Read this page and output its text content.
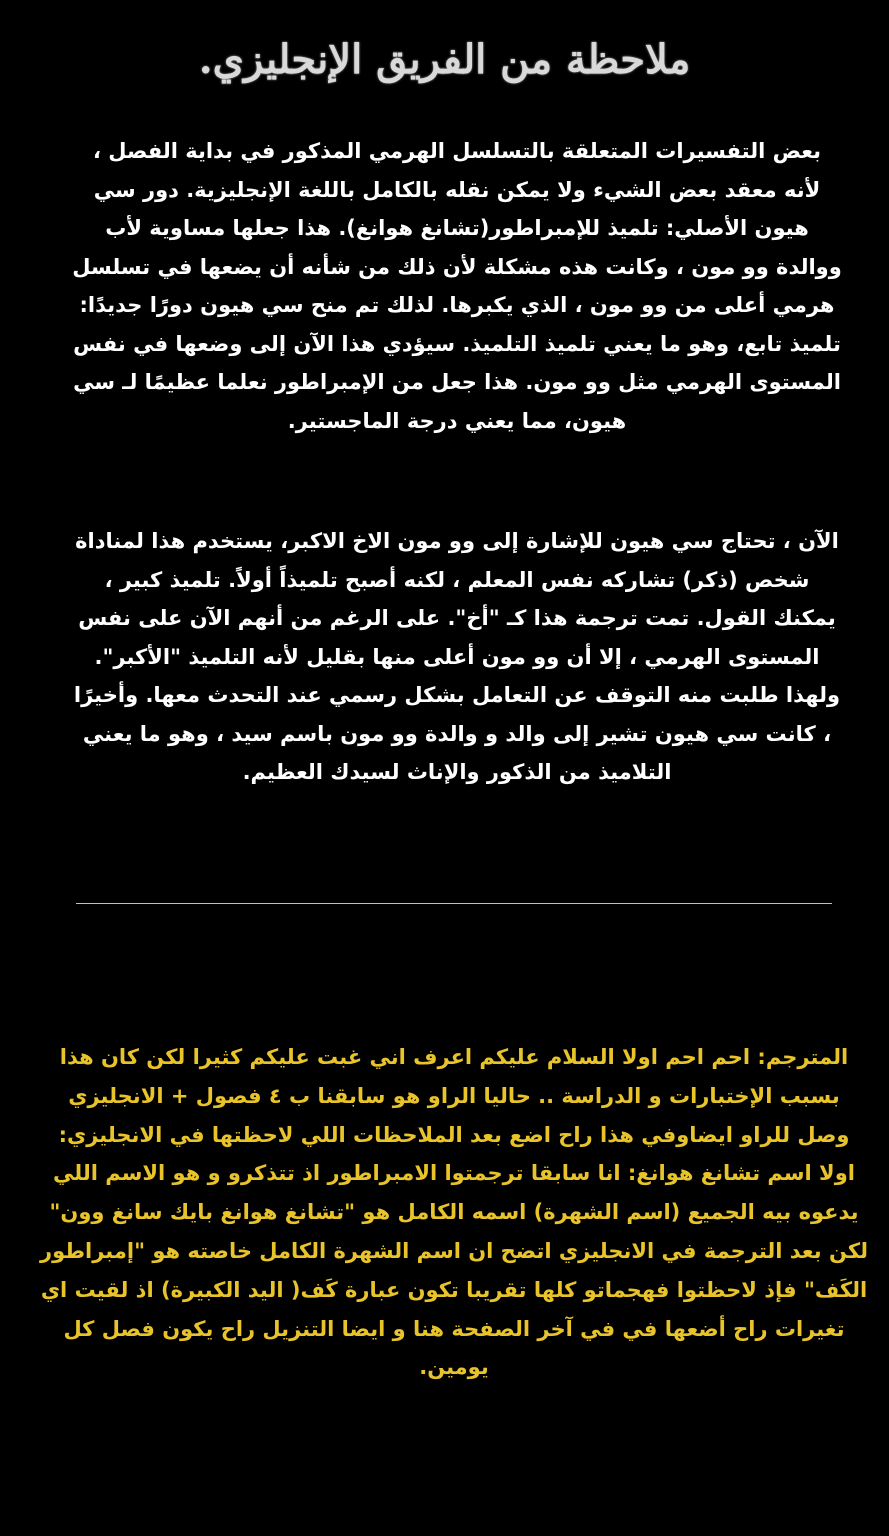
ملاحظة من الفريق الإنجليزي.
بعض التفسيرات المتعلقة بالتسلسل الهرمي المذكور في بداية الفصل ، لأنه معقد بعض الشيء ولا يمكن نقله بالكامل باللغة الإنجليزية. دور سي هيون الأصلي: تلميذ للإمبراطور(تشانغ هوانغ). هذا جعلها مساوية لأب ووالدة وو مون ، وكانت هذه مشكلة لأن ذلك من شأنه أن يضعها في تسلسل هرمي أعلى من وو مون ، الذي يكبرها. لذلك تم منح سي هيون دورًا جديدًا: تلميذ تابع، وهو ما يعني تلميذ التلميذ. سيؤدي هذا الآن إلى وضعها في نفس المستوى الهرمي مثل وو مون. هذا جعل من الإمبراطور نعلما عظيمًا لـ سي هيون، مما يعني درجة الماجستير.
الآن ، تحتاج سي هيون للإشارة إلى وو مون الاخ الاكبر، يستخدم هذا لمناداة شخص (ذكر) تشاركه نفس المعلم ، لكنه أصبح تلميذاً أولاً. تلميذ كبير ، يمكنك القول. تمت ترجمة هذا كـ "أخ". على الرغم من أنهم الآن على نفس المستوى الهرمي ، إلا أن وو مون أعلى منها بقليل لأنه التلميذ "الأكبر". ولهذا طلبت منه التوقف عن التعامل بشكل رسمي عند التحدث معها. وأخيرًا ، كانت سي هيون تشير إلى والد و والدة وو مون باسم سيد ، وهو ما يعني التلاميذ من الذكور والإناث لسيدك العظيم.
المترجم: احم احم اولا السلام عليكم اعرف اني غبت عليكم كثيرا لكن كان هذا بسبب الإختبارات و الدراسة .. حاليا الراو هو سابقنا ب ٤ فصول + الانجليزي وصل للراو ايضاوفي هذا راح اضع بعد الملاحظات اللي لاحظتها في الانجليزي: اولا اسم تشانغ هوانغ: انا سابقا ترجمتوا الامبراطور اذ تتذكرو و هو الاسم اللي يدعوه بيه الجميع (اسم الشهرة) اسمه الكامل هو "تشانغ هوانغ بايك سانغ وون" لكن بعد الترجمة في الانجليزي اتضح ان اسم الشهرة الكامل خاصته هو "إمبراطور الكَف" فإذ لاحظتوا فهجماتو كلها تقريبا تكون عبارة كَف( اليد الكبيرة) اذ لقيت اي تغيرات راح أضعها في في آخر الصفحة هنا و ايضا التنزيل راح يكون فصل كل يومين.
